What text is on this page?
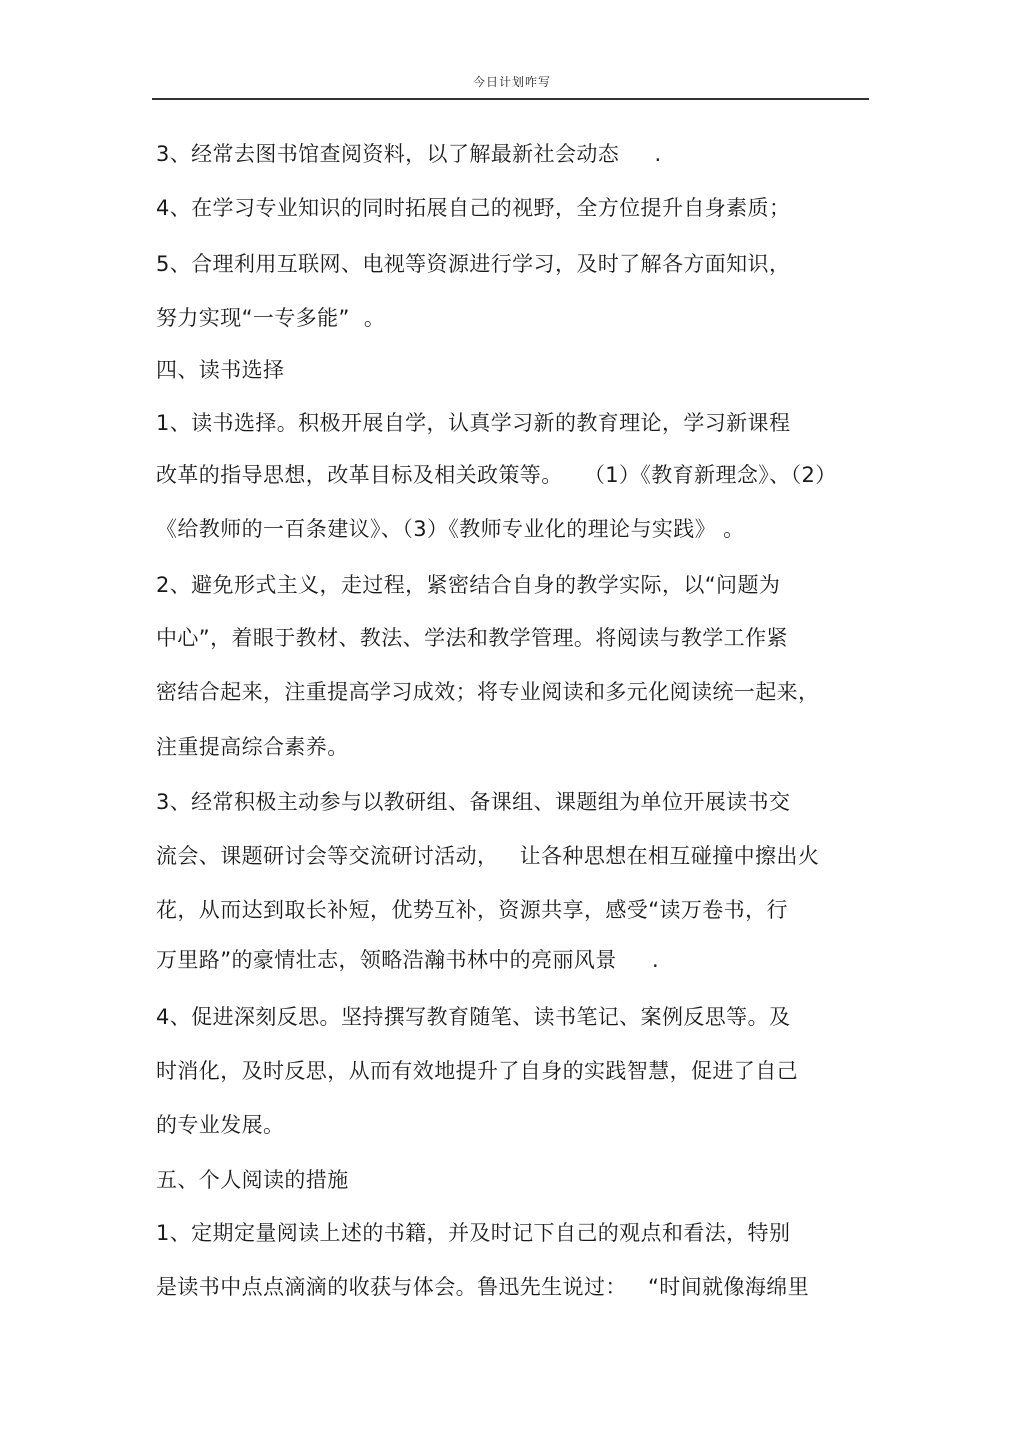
今日计划咋写
3、经常去图书馆查阅资料，以了解最新社会动态     .
4、在学习专业知识的同时拓展自己的视野，全方位提升自身素质；
5、合理利用互联网、电视等资源进行学习，及时了解各方面知识，
努力实现“一专多能”  。
四、读书选择
1、读书选择。积极开展自学，认真学习新的教育理论，学习新课程
改革的指导思想，改革目标及相关政策等。   （1）《教育新理念》、（2）
《给教师的一百条建议》、（3）《教师专业化的理论与实践》 。
2、避免形式主义，走过程，紧密结合自身的教学实际，以“问题为
中心”，着眼于教材、教法、学法和教学管理。将阅读与教学工作紧
密结合起来，注重提高学习成效；将专业阅读和多元化阅读统一起来，
注重提高综合素养。
3、经常积极主动参与以教研组、备课组、课题组为单位开展读书交
流会、课题研讨会等交流研讨活动，   让各种思想在相互碰撞中擦出火
花，从而达到取长补短，优势互补，资源共享，感受“读万卷书，行
万里路”的豪情壮志，领略浩瀚书林中的亮丽风景     .
4、促进深刻反思。坚持撰写教育随笔、读书笔记、案例反思等。及
时消化，及时反思，从而有效地提升了自身的实践智慧，促进了自己
的专业发展。
五、个人阅读的措施
1、定期定量阅读上述的书籍，并及时记下自己的观点和看法，特别
是读书中点点滴滴的收获与体会。鲁迅先生说过：   “时间就像海绵里
